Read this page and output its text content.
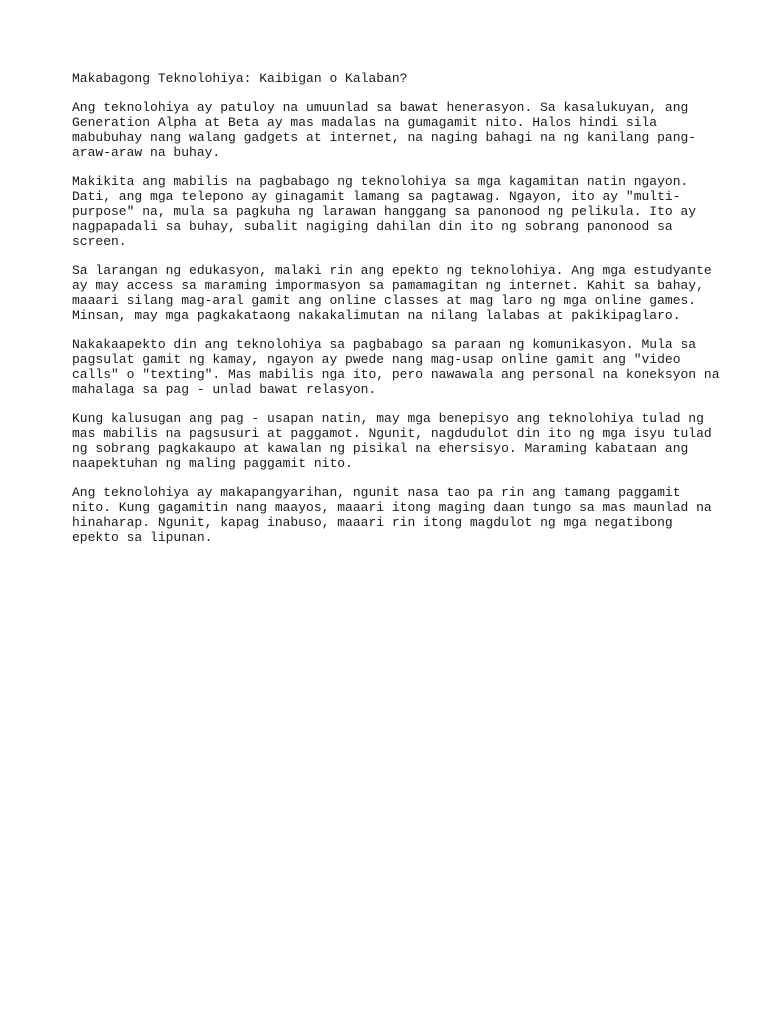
Makabagong Teknolohiya: Kaibigan o Kalaban?
Ang teknolohiya ay patuloy na umuunlad sa bawat henerasyon. Sa kasalukuyan, ang
Generation Alpha at Beta ay mas madalas na gumagamit nito. Halos hindi sila
mabubuhay nang walang gadgets at internet, na naging bahagi na ng kanilang pang-
araw-araw na buhay.
Makikita ang mabilis na pagbabago ng teknolohiya sa mga kagamitan natin ngayon.
Dati, ang mga telepono ay ginagamit lamang sa pagtawag. Ngayon, ito ay "multi-
purpose" na, mula sa pagkuha ng larawan hanggang sa panonood ng pelikula. Ito ay
nagpapadali sa buhay, subalit nagiging dahilan din ito ng sobrang panonood sa
screen.
Sa larangan ng edukasyon, malaki rin ang epekto ng teknolohiya. Ang mga estudyante
ay may access sa maraming impormasyon sa pamamagitan ng internet. Kahit sa bahay,
maaari silang mag-aral gamit ang online classes at mag laro ng mga online games.
Minsan, may mga pagkakataong nakakalimutan na nilang lalabas at pakikipaglaro.
Nakakaapekto din ang teknolohiya sa pagbabago sa paraan ng komunikasyon. Mula sa
pagsulat gamit ng kamay, ngayon ay pwede nang mag-usap online gamit ang "video
calls" o "texting". Mas mabilis nga ito, pero nawawala ang personal na koneksyon na
mahalaga sa pag - unlad bawat relasyon.
Kung kalusugan ang pag - usapan natin, may mga benepisyo ang teknolohiya tulad ng
mas mabilis na pagsusuri at paggamot. Ngunit, nagdudulot din ito ng mga isyu tulad
ng sobrang pagkakaupo at kawalan ng pisikal na ehersisyo. Maraming kabataan ang
naapektuhan ng maling paggamit nito.
Ang teknolohiya ay makapangyarihan, ngunit nasa tao pa rin ang tamang paggamit
nito. Kung gagamitin nang maayos, maaari itong maging daan tungo sa mas maunlad na
hinaharap. Ngunit, kapag inabuso, maaari rin itong magdulot ng mga negatibong
epekto sa lipunan.
